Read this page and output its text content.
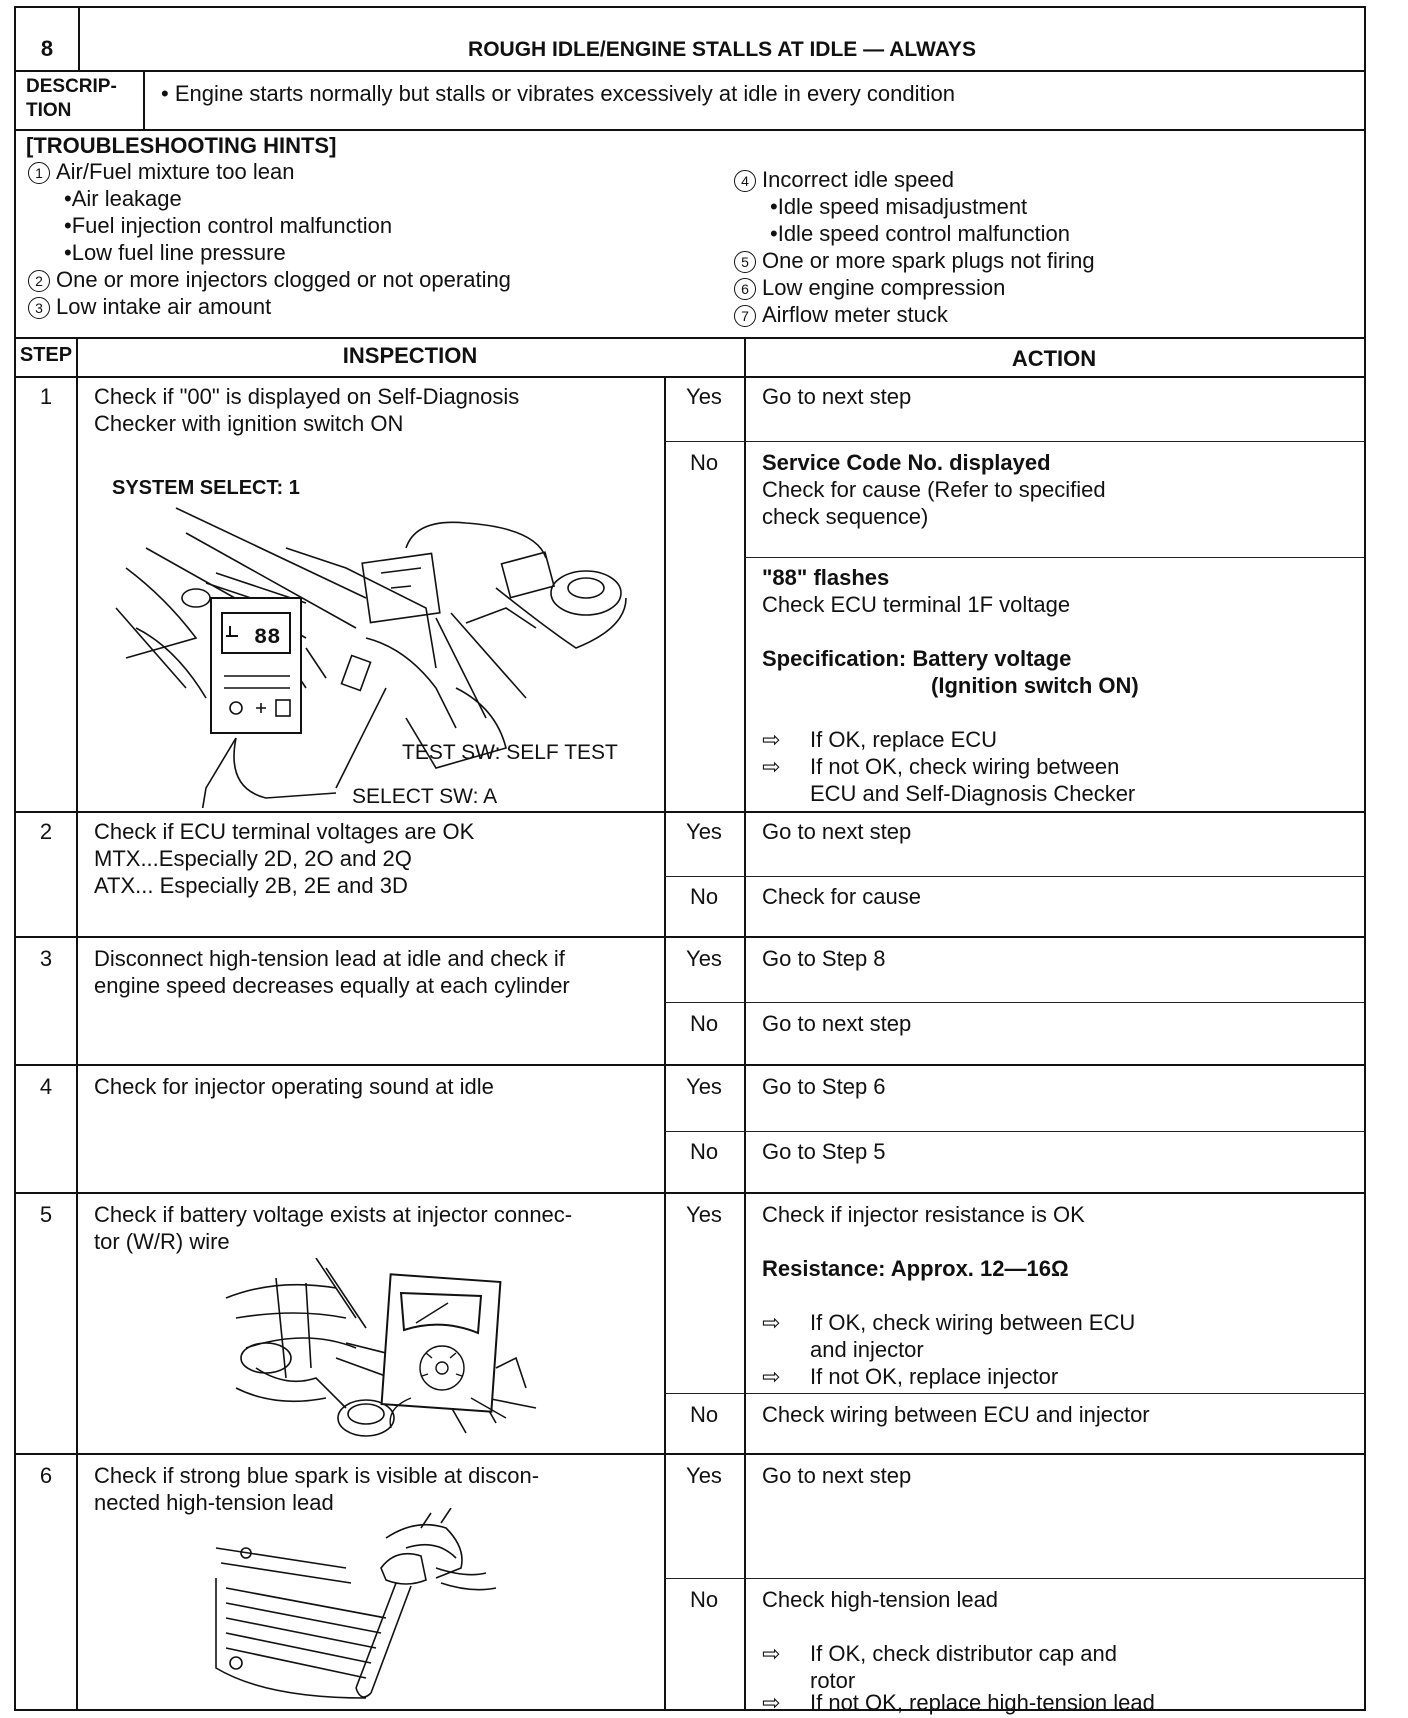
8	ROUGH IDLE/ENGINE STALLS AT IDLE — ALWAYS
DESCRIP-
TION
• Engine starts normally but stalls or vibrates excessively at idle in every condition
[TROUBLESHOOTING HINTS]
1 Air/Fuel mixture too lean
•Air leakage
•Fuel injection control malfunction
•Low fuel line pressure
2 One or more injectors clogged or not operating
3 Low intake air amount
4 Incorrect idle speed
•Idle speed misadjustment
•Idle speed control malfunction
5 One or more spark plugs not firing
6 Low engine compression
7 Airflow meter stuck
STEP	INSPECTION	ACTION
1	Check if "00" is displayed on Self-Diagnosis
Checker with ignition switch ON
SYSTEM SELECT: 1
TEST SW: SELF TEST
SELECT SW: A
88
Yes	Go to next step
No	Service Code No. displayed
Check for cause (Refer to specified
check sequence)
"88" flashes
Check ECU terminal 1F voltage
Specification: Battery voltage
(Ignition switch ON)
⇨ If OK, replace ECU
⇨ If not OK, check wiring between
ECU and Self-Diagnosis Checker
2	Check if ECU terminal voltages are OK
MTX...Especially 2D, 2O and 2Q
ATX... Especially 2B, 2E and 3D
Yes	Go to next step
No	Check for cause
3	Disconnect high-tension lead at idle and check if
engine speed decreases equally at each cylinder
Yes	Go to Step 8
No	Go to next step
4	Check for injector operating sound at idle	Yes	Go to Step 6
No	Go to Step 5
5	Check if battery voltage exists at injector connec-
tor (W/R) wire
Yes	Check if injector resistance is OK
Resistance: Approx. 12—16Ω
⇨ If OK, check wiring between ECU
and injector
⇨ If not OK, replace injector
No	Check wiring between ECU and injector
6	Check if strong blue spark is visible at discon-
nected high-tension lead
Yes	Go to next step
No	Check high-tension lead
⇨ If OK, check distributor cap and
rotor
⇨ If not OK, replace high-tension lead
